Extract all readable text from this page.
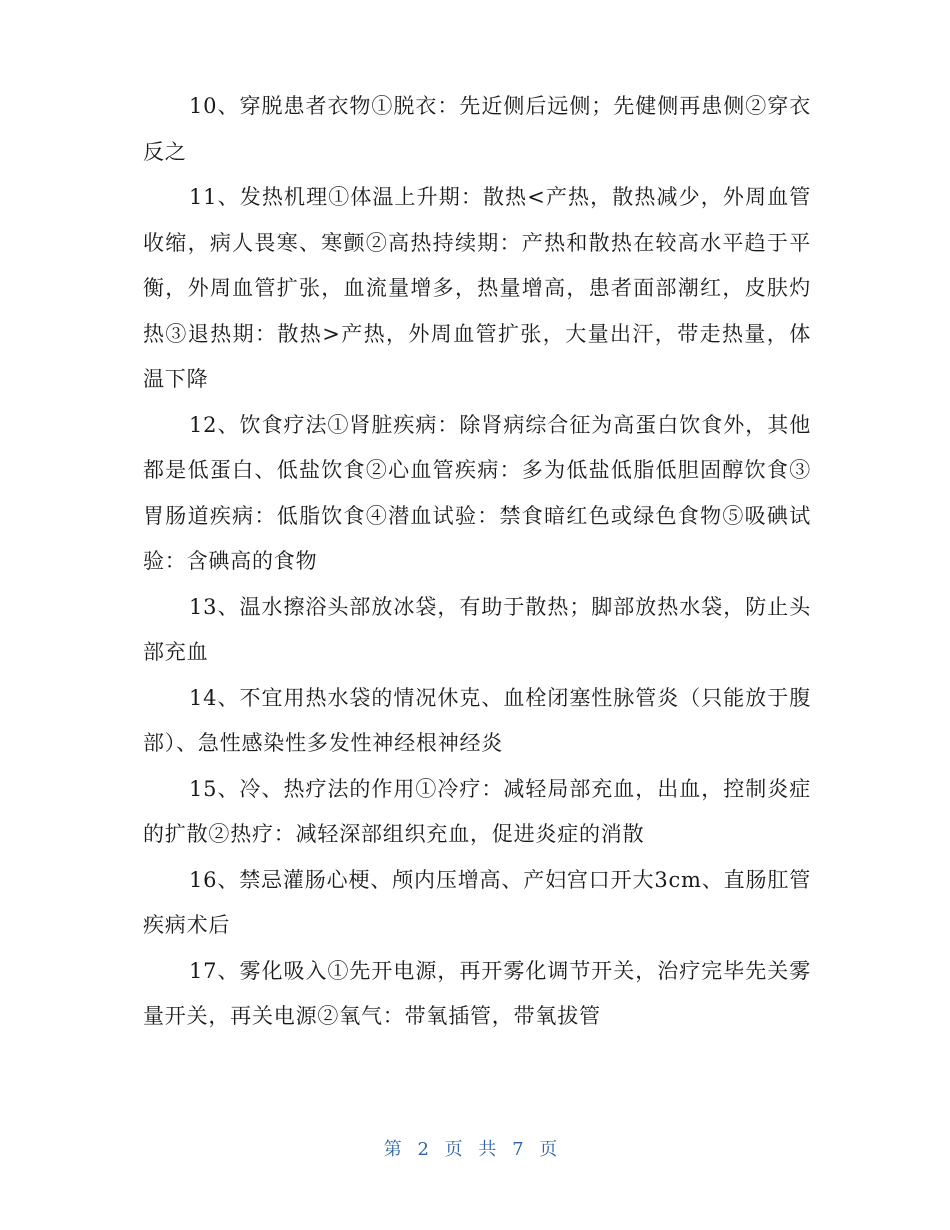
10、穿脱患者衣物①脱衣：先近侧后远侧；先健侧再患侧②穿衣反之

11、发热机理①体温上升期：散热<产热，散热减少，外周血管收缩，病人畏寒、寒颤②高热持续期：产热和散热在较高水平趋于平衡，外周血管扩张，血流量增多，热量增高，患者面部潮红，皮肤灼热③退热期：散热>产热，外周血管扩张，大量出汗，带走热量，体温下降

12、饮食疗法①肾脏疾病：除肾病综合征为高蛋白饮食外，其他都是低蛋白、低盐饮食②心血管疾病：多为低盐低脂低胆固醇饮食③胃肠道疾病：低脂饮食④潜血试验：禁食暗红色或绿色食物⑤吸碘试验：含碘高的食物

13、温水擦浴头部放冰袋，有助于散热；脚部放热水袋，防止头部充血

14、不宜用热水袋的情况休克、血栓闭塞性脉管炎（只能放于腹部）、急性感染性多发性神经根神经炎

15、冷、热疗法的作用①冷疗：减轻局部充血，出血，控制炎症的扩散②热疗：减轻深部组织充血，促进炎症的消散

16、禁忌灌肠心梗、颅内压增高、产妇宫口开大3cm、直肠肛管疾病术后

17、雾化吸入①先开电源，再开雾化调节开关，治疗完毕先关雾量开关，再关电源②氧气：带氧插管，带氧拔管

第 2 页 共 7 页
